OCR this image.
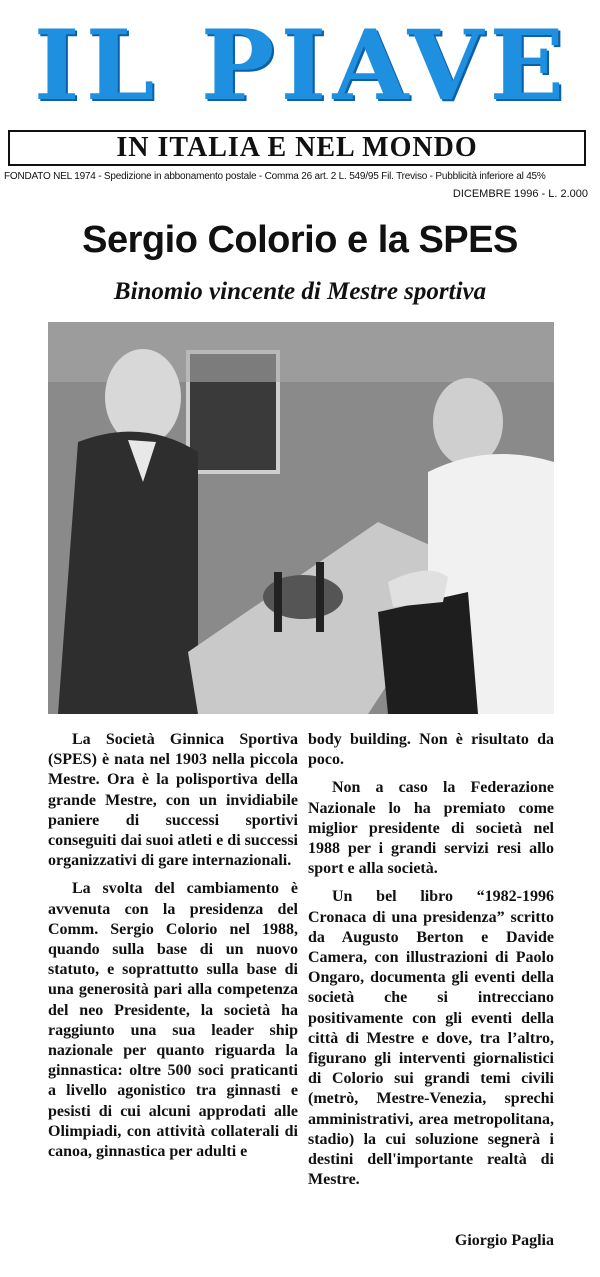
IL PIAVE
IN ITALIA E NEL MONDO
FONDATO NEL 1974 - Spedizione in abbonamento postale - Comma 26 art. 2 L. 549/95 Fil. Treviso - Pubblicità inferiore al 45%
DICEMBRE 1996 - L. 2.000
Sergio Colorio e la SPES
Binomio vincente di Mestre sportiva

La Società Ginnica Sportiva (SPES) è nata nel 1903 nella piccola Mestre. Ora è la polisportiva della grande Mestre, con un invidiabile paniere di successi sportivi conseguiti dai suoi atleti e di successi organizzativi di gare internazionali.

La svolta del cambiamento è avvenuta con la presidenza del Comm. Sergio Colorio nel 1988, quando sulla base di un nuovo statuto, e soprattutto sulla base di una generosità pari alla competenza del neo Presidente, la società ha raggiunto una sua leader ship nazionale per quanto riguarda la ginnastica: oltre 500 soci praticanti a livello agonistico tra ginnasti e pesisti di cui alcuni approdati alle Olimpiadi, con attività collaterali di canoa, ginnastica per adulti e

body building. Non è risultato da poco.

Non a caso la Federazione Nazionale lo ha premiato come miglior presidente di società nel 1988 per i grandi servizi resi allo sport e alla società.

Un bel libro “1982-1996 Cronaca di una presidenza” scritto da Augusto Berton e Davide Camera, con illustrazioni di Paolo Ongaro, documenta gli eventi della società che si intrecciano positivamente con gli eventi della città di Mestre e dove, tra l’altro, figurano gli interventi giornalistici di Colorio sui grandi temi civili (metrò, Mestre-Venezia, sprechi amministrativi, area metropolitana, stadio) la cui soluzione segnerà i destini dell'importante realtà di Mestre.

Giorgio Paglia
